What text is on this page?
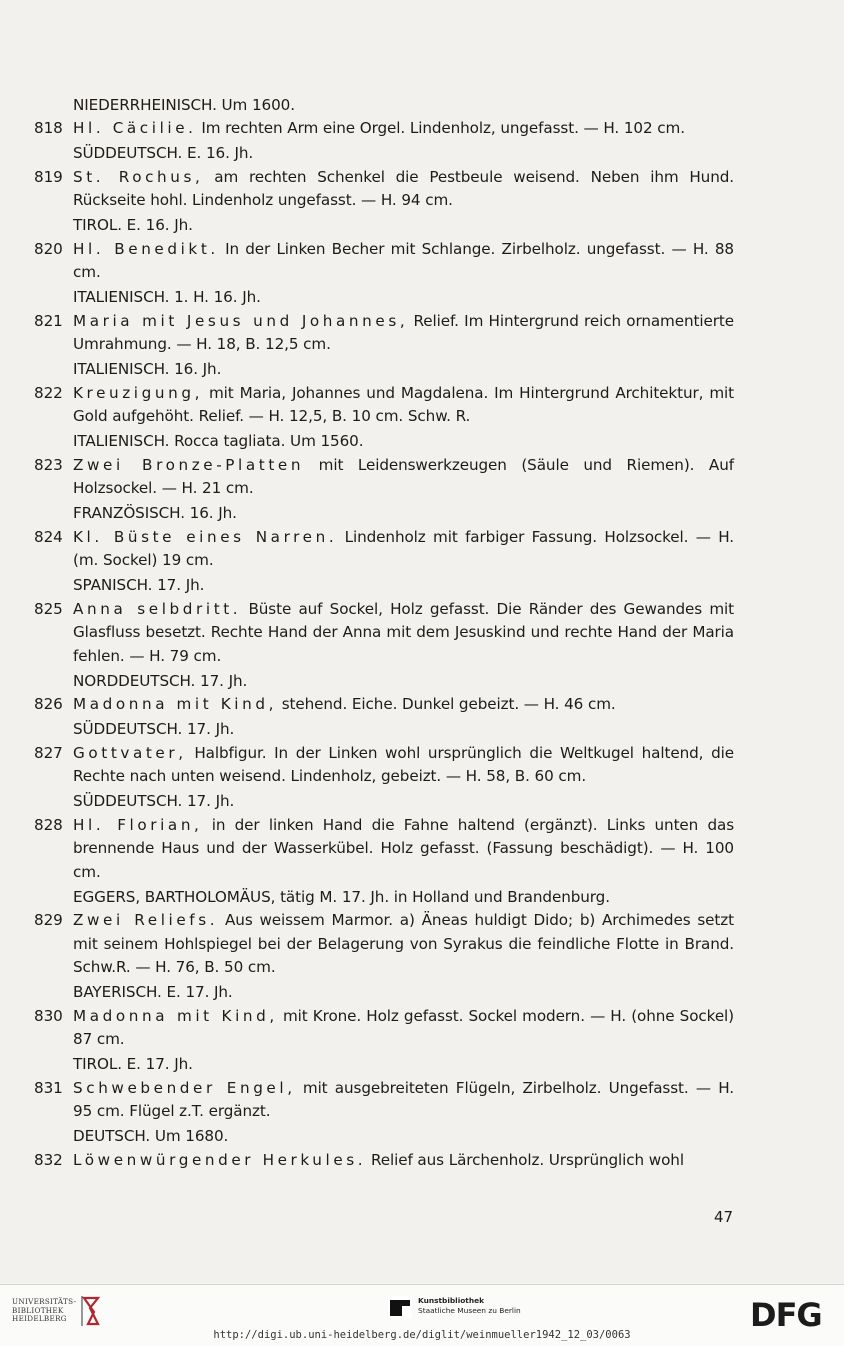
NIEDERRHEINISCH. Um 1600.
818 Hl. Cäcilie. Im rechten Arm eine Orgel. Lindenholz, ungefasst. — H. 102 cm.
SÜDDEUTSCH. E. 16. Jh.
819 St. Rochus, am rechten Schenkel die Pestbeule weisend. Neben ihm Hund. Rückseite hohl. Lindenholz ungefasst. — H. 94 cm.
TIROL. E. 16. Jh.
820 Hl. Benedikt. In der Linken Becher mit Schlange. Zirbelholz. ungefasst. — H. 88 cm.
ITALIENISCH. 1. H. 16. Jh.
821 Maria mit Jesus und Johannes, Relief. Im Hintergrund reich ornamentierte Umrahmung. — H. 18, B. 12,5 cm.
ITALIENISCH. 16. Jh.
822 Kreuzigung, mit Maria, Johannes und Magdalena. Im Hintergrund Architektur, mit Gold aufgehöht. Relief. — H. 12,5, B. 10 cm. Schw. R.
ITALIENISCH. Rocca tagliata. Um 1560.
823 Zwei Bronze-Platten mit Leidenswerkzeugen (Säule und Riemen). Auf Holzsockel. — H. 21 cm.
FRANZÖSISCH. 16. Jh.
824 Kl. Büste eines Narren. Lindenholz mit farbiger Fassung. Holzsockel. — H. (m. Sockel) 19 cm.
SPANISCH. 17. Jh.
825 Anna selbdritt. Büste auf Sockel, Holz gefasst. Die Ränder des Gewandes mit Glasfluss besetzt. Rechte Hand der Anna mit dem Jesuskind und rechte Hand der Maria fehlen. — H. 79 cm.
NORDDEUTSCH. 17. Jh.
826 Madonna mit Kind, stehend. Eiche. Dunkel gebeizt. — H. 46 cm.
SÜDDEUTSCH. 17. Jh.
827 Gottvater, Halbfigur. In der Linken wohl ursprünglich die Weltkugel haltend, die Rechte nach unten weisend. Lindenholz, gebeizt. — H. 58, B. 60 cm.
SÜDDEUTSCH. 17. Jh.
828 Hl. Florian, in der linken Hand die Fahne haltend (ergänzt). Links unten das brennende Haus und der Wasserkübel. Holz gefasst. (Fassung beschädigt). — H. 100 cm.
EGGERS, BARTHOLOMÄUS, tätig M. 17. Jh. in Holland und Brandenburg.
829 Zwei Reliefs. Aus weissem Marmor. a) Äneas huldigt Dido; b) Archimedes setzt mit seinem Hohlspiegel bei der Belagerung von Syrakus die feindliche Flotte in Brand. Schw.R. — H. 76, B. 50 cm.
BAYERISCH. E. 17. Jh.
830 Madonna mit Kind, mit Krone. Holz gefasst. Sockel modern. — H. (ohne Sockel) 87 cm.
TIROL. E. 17. Jh.
831 Schwebender Engel, mit ausgebreiteten Flügeln, Zirbelholz. Ungefasst. — H. 95 cm. Flügel z.T. ergänzt.
DEUTSCH. Um 1680.
832 Löwenwürgender Herkules. Relief aus Lärchenholz. Ursprünglich wohl
47
UNIVERSITÄTS-
BIBLIOTHEK
HEIDELBERG
Kunstbibliothek
Staatliche Museen zu Berlin	DFG
http://digi.ub.uni-heidelberg.de/diglit/weinmueller1942_12_03/0063
